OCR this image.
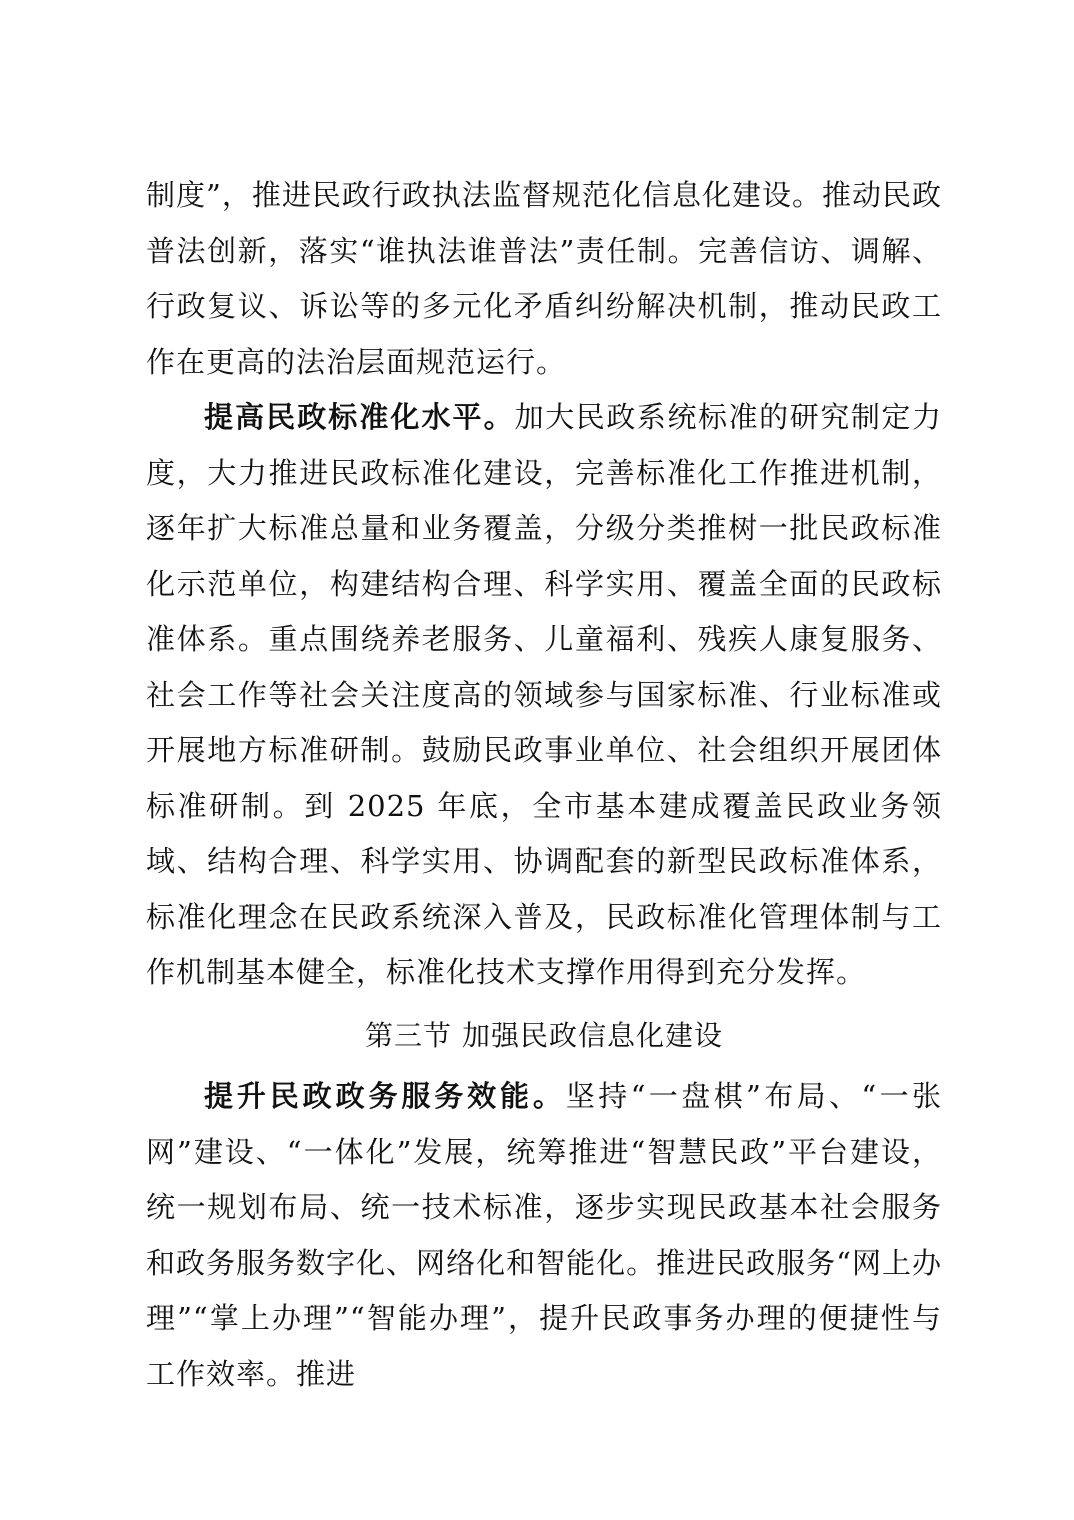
制度”，推进民政行政执法监督规范化信息化建设。推动民政普法创新，落实“谁执法谁普法”责任制。完善信访、调解、行政复议、诉讼等的多元化矛盾纠纷解决机制，推动民政工作在更高的法治层面规范运行。

提高民政标准化水平。加大民政系统标准的研究制定力度，大力推进民政标准化建设，完善标准化工作推进机制，逐年扩大标准总量和业务覆盖，分级分类推树一批民政标准化示范单位，构建结构合理、科学实用、覆盖全面的民政标准体系。重点围绕养老服务、儿童福利、残疾人康复服务、社会工作等社会关注度高的领域参与国家标准、行业标准或开展地方标准研制。鼓励民政事业单位、社会组织开展团体标准研制。到 2025 年底，全市基本建成覆盖民政业务领域、结构合理、科学实用、协调配套的新型民政标准体系，标准化理念在民政系统深入普及，民政标准化管理体制与工作机制基本健全，标准化技术支撑作用得到充分发挥。

第三节 加强民政信息化建设

提升民政政务服务效能。坚持“一盘棋”布局、“一张网”建设、“一体化”发展，统筹推进“智慧民政”平台建设，统一规划布局、统一技术标准，逐步实现民政基本社会服务和政务服务数字化、网络化和智能化。推进民政服务“网上办理”“掌上办理”“智能办理”，提升民政事务办理的便捷性与工作效率。推进
